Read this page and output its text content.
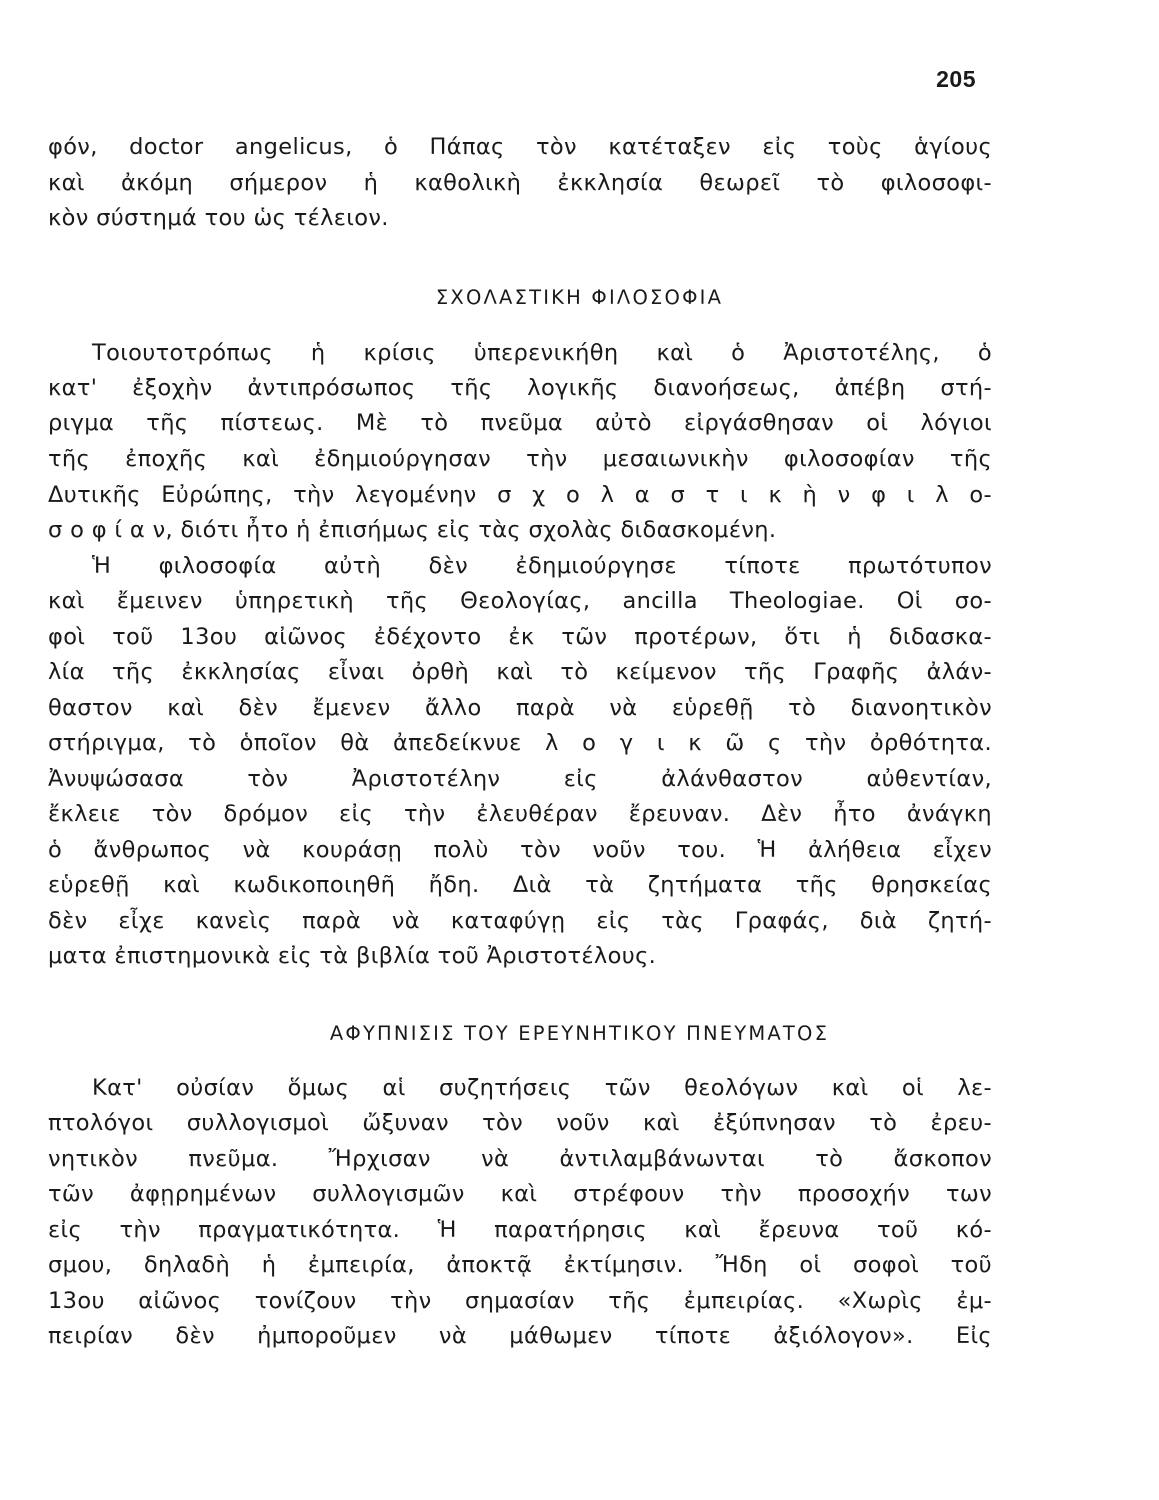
205
φόν, doctor angelicus, ὁ Πάπας τὸν κατέταξεν εἰς τοὺς ἁγίους
καὶ ἀκόμη σήμερον ἡ καθολικὴ ἐκκλησία θεωρεῖ τὸ φιλοσοφι-
κὸν σύστημά του ὡς τέλειον.
ΣΧΟΛΑΣΤΙΚΗ ΦΙΛΟΣΟΦΙΑ
Τοιουτοτρόπως ἡ κρίσις ὑπερενικήθη καὶ ὁ Ἀριστοτέλης, ὁ
κατ' ἐξοχὴν ἀντιπρόσωπος τῆς λογικῆς διανοήσεως, ἀπέβη στή-
ριγμα τῆς πίστεως. Μὲ τὸ πνεῦμα αὐτὸ εἰργάσθησαν οἱ λόγιοι
τῆς ἐποχῆς καὶ ἐδημιούργησαν τὴν μεσαιωνικὴν φιλοσοφίαν τῆς
Δυτικῆς Εὐρώπης, τὴν λεγομένην σ χ ο λ α σ τ ι κ ὴ ν φ ι λ ο-
σ ο φ ί α ν, διότι ἦτο ἡ ἐπισήμως εἰς τὰς σχολὰς διδασκομένη.
Ἡ φιλοσοφία αὐτὴ δὲν ἐδημιούργησε τίποτε πρωτότυπον
καὶ ἔμεινεν ὑπηρετικὴ τῆς Θεολογίας, ancilla Theologiae. Οἱ σο-
φοὶ τοῦ 13ου αἰῶνος ἐδέχοντο ἐκ τῶν προτέρων, ὅτι ἡ διδασκα-
λία τῆς ἐκκλησίας εἶναι ὀρθὴ καὶ τὸ κείμενον τῆς Γραφῆς ἀλάν-
θαστον καὶ δὲν ἔμενεν ἄλλο παρὰ νὰ εὑρεθῇ τὸ διανοητικὸν
στήριγμα, τὸ ὁποῖον θὰ ἀπεδείκνυε λ ο γ ι κ ῶ ς τὴν ὀρθότητα.
Ἀνυψώσασα τὸν Ἀριστοτέλην εἰς ἀλάνθαστον αὐθεντίαν,
ἔκλειε τὸν δρόμον εἰς τὴν ἐλευθέραν ἔρευναν. Δὲν ἦτο ἀνάγκη
ὁ ἄνθρωπος νὰ κουράσῃ πολὺ τὸν νοῦν του. Ἡ ἀλήθεια εἶχεν
εὑρεθῇ καὶ κωδικοποιηθῆ ἤδη. Διὰ τὰ ζητήματα τῆς θρησκείας
δὲν εἶχε κανεὶς παρὰ νὰ καταφύγῃ εἰς τὰς Γραφάς, διὰ ζητή-
ματα ἐπιστημονικὰ εἰς τὰ βιβλία τοῦ Ἀριστοτέλους.
ΑΦΥΠΝΙΣΙΣ ΤΟΥ ΕΡΕΥΝΗΤΙΚΟΥ ΠΝΕΥΜΑΤΟΣ
Κατ' οὐσίαν ὅμως αἱ συζητήσεις τῶν θεολόγων καὶ οἱ λε-
πτολόγοι συλλογισμοὶ ὤξυναν τὸν νοῦν καὶ ἐξύπνησαν τὸ ἐρευ-
νητικὸν πνεῦμα. Ἤρχισαν νὰ ἀντιλαμβάνωνται τὸ ἄσκοπον
τῶν ἀφῃρημένων συλλογισμῶν καὶ στρέφουν τὴν προσοχήν των
εἰς τὴν πραγματικότητα. Ἡ παρατήρησις καὶ ἔρευνα τοῦ κό-
σμου, δηλαδὴ ἡ ἐμπειρία, ἀποκτᾷ ἐκτίμησιν. Ἤδη οἱ σοφοὶ τοῦ
13ου αἰῶνος τονίζουν τὴν σημασίαν τῆς ἐμπειρίας. «Χωρὶς ἐμ-
πειρίαν δὲν ἠμποροῦμεν νὰ μάθωμεν τίποτε ἀξιόλογον». Εἰς
